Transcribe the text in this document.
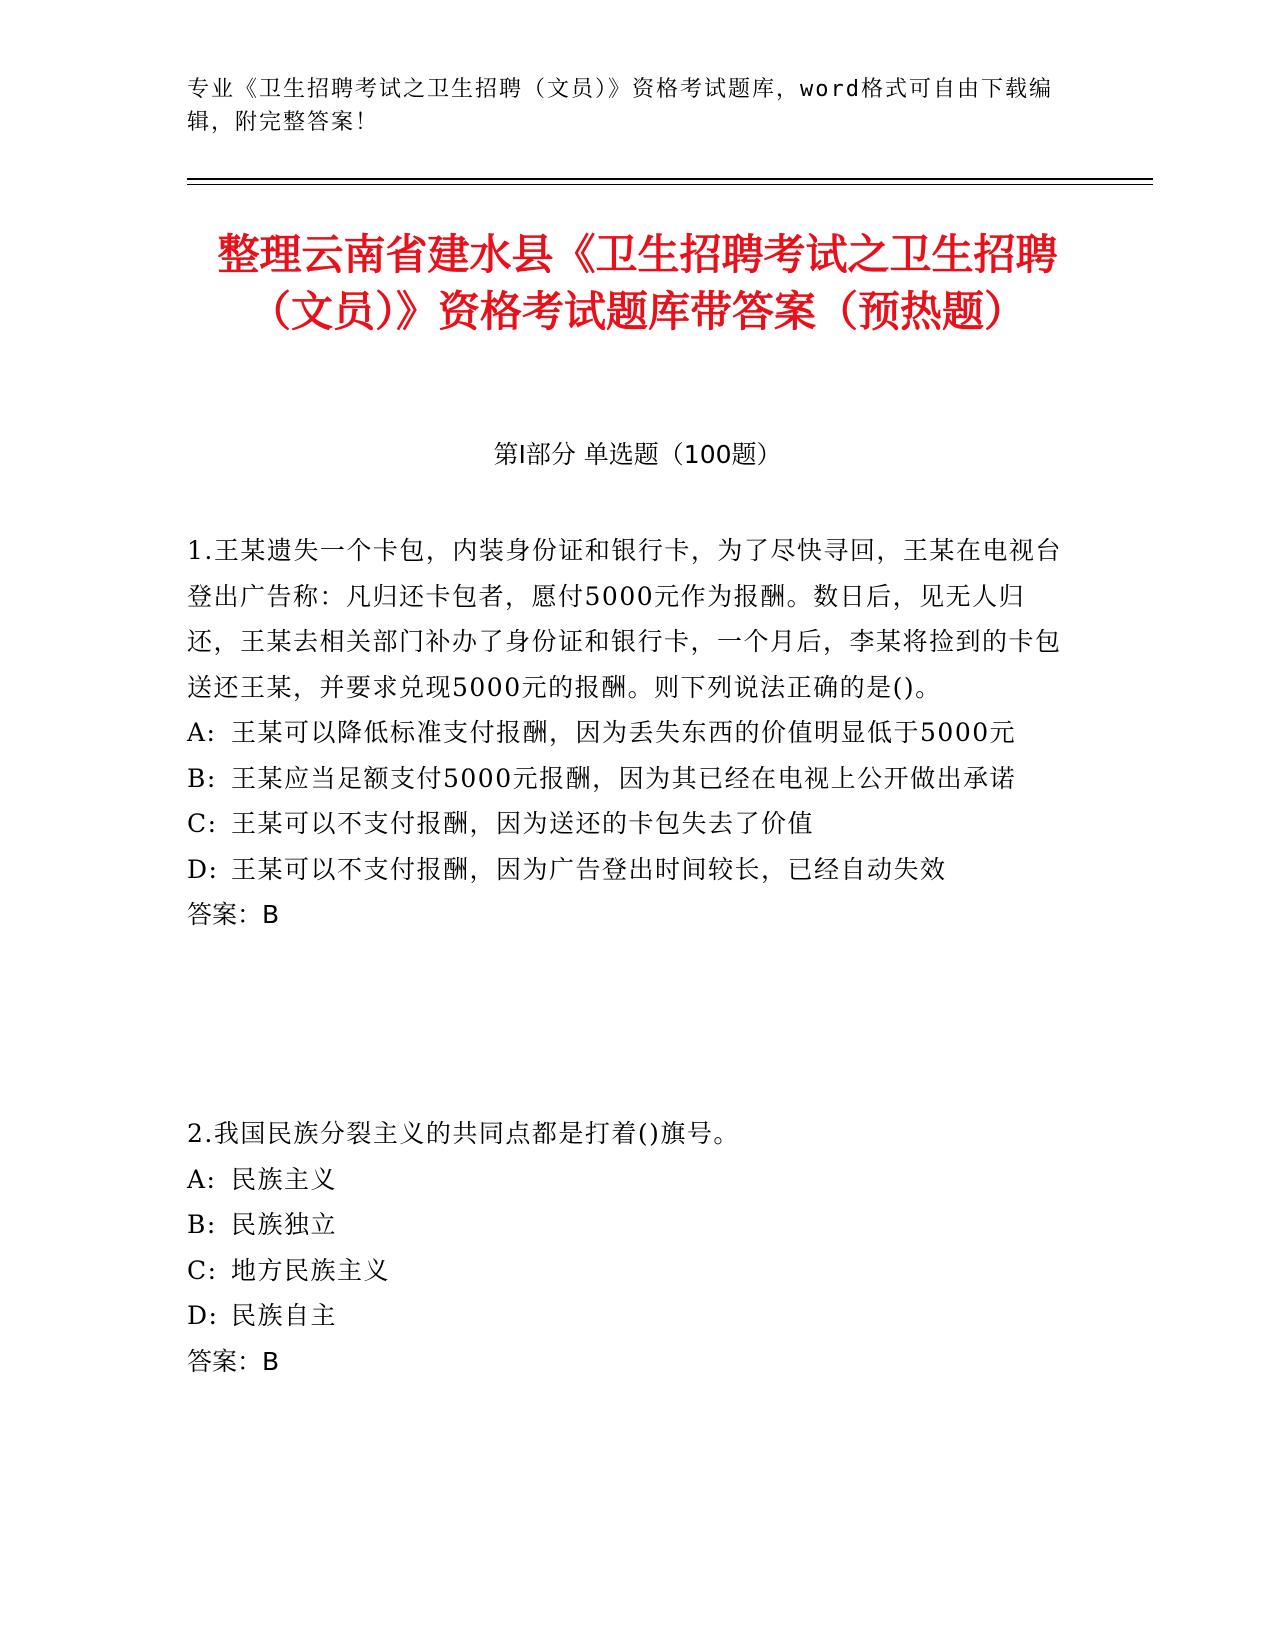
专业《卫生招聘考试之卫生招聘（文员）》资格考试题库，word格式可自由下载编辑，附完整答案！
整理云南省建水县《卫生招聘考试之卫生招聘（文员）》资格考试题库带答案（预热题）
第Ⅰ部分 单选题（100题）

1.王某遗失一个卡包，内装身份证和银行卡，为了尽快寻回，王某在电视台登出广告称：凡归还卡包者，愿付5000元作为报酬。数日后，见无人归还，王某去相关部门补办了身份证和银行卡，一个月后，李某将捡到的卡包送还王某，并要求兑现5000元的报酬。则下列说法正确的是()。

A: 王某可以降低标准支付报酬，因为丢失东西的价值明显低于5000元

B: 王某应当足额支付5000元报酬，因为其已经在电视上公开做出承诺

C: 王某可以不支付报酬，因为送还的卡包失去了价值

D: 王某可以不支付报酬，因为广告登出时间较长，已经自动失效

答案：B

2.我国民族分裂主义的共同点都是打着()旗号。

A: 民族主义

B: 民族独立

C: 地方民族主义

D: 民族自主

答案：B
